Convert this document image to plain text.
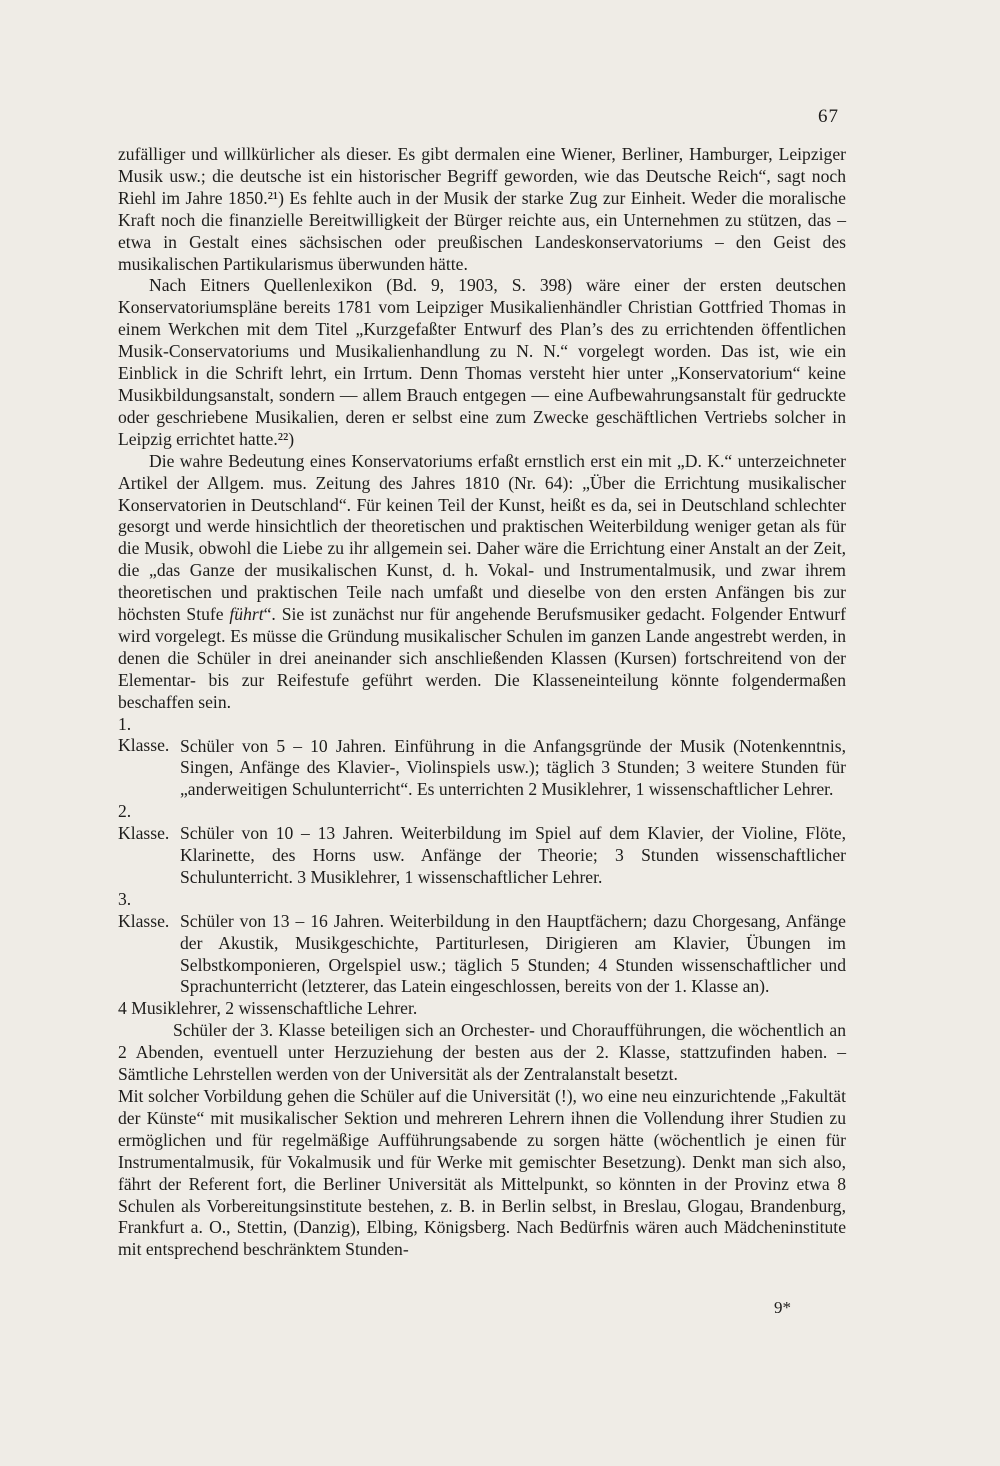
67

zufälliger und willkürlicher als dieser. Es gibt dermalen eine Wiener, Berliner, Hamburger, Leipziger Musik usw.; die deutsche ist ein historischer Begriff geworden, wie das Deutsche Reich“, sagt noch Riehl im Jahre 1850.²¹) Es fehlte auch in der Musik der starke Zug zur Einheit. Weder die moralische Kraft noch die finanzielle Bereitwilligkeit der Bürger reichte aus, ein Unternehmen zu stützen, das – etwa in Gestalt eines sächsischen oder preußischen Landeskonservatoriums – den Geist des musikalischen Partikularismus überwunden hätte.

Nach Eitners Quellenlexikon (Bd. 9, 1903, S. 398) wäre einer der ersten deutschen Konservatoriumspläne bereits 1781 vom Leipziger Musikalienhändler Christian Gottfried Thomas in einem Werkchen mit dem Titel „Kurzgefaßter Entwurf des Plan’s des zu errichtenden öffentlichen Musik-Conservatoriums und Musikalienhandlung zu N. N.“ vorgelegt worden. Das ist, wie ein Einblick in die Schrift lehrt, ein Irrtum. Denn Thomas versteht hier unter „Konservatorium“ keine Musikbildungsanstalt, sondern — allem Brauch entgegen — eine Aufbewahrungsanstalt für gedruckte oder geschriebene Musikalien, deren er selbst eine zum Zwecke geschäftlichen Vertriebs solcher in Leipzig errichtet hatte.²²)

Die wahre Bedeutung eines Konservatoriums erfaßt ernstlich erst ein mit „D. K.“ unterzeichneter Artikel der Allgem. mus. Zeitung des Jahres 1810 (Nr. 64): „Über die Errichtung musikalischer Konservatorien in Deutschland“. Für keinen Teil der Kunst, heißt es da, sei in Deutschland schlechter gesorgt und werde hinsichtlich der theoretischen und praktischen Weiterbildung weniger getan als für die Musik, obwohl die Liebe zu ihr allgemein sei. Daher wäre die Errichtung einer Anstalt an der Zeit, die „das Ganze der musikalischen Kunst, d. h. Vokal- und Instrumentalmusik, und zwar ihrem theoretischen und praktischen Teile nach umfaßt und dieselbe von den ersten Anfängen bis zur höchsten Stufe führt“. Sie ist zunächst nur für angehende Berufsmusiker gedacht. Folgender Entwurf wird vorgelegt. Es müsse die Gründung musikalischer Schulen im ganzen Lande angestrebt werden, in denen die Schüler in drei aneinander sich anschließenden Klassen (Kursen) fortschreitend von der Elementar- bis zur Reifestufe geführt werden. Die Klasseneinteilung könnte folgendermaßen beschaffen sein.

1. Klasse. Schüler von 5 – 10 Jahren. Einführung in die Anfangsgründe der Musik (Notenkenntnis, Singen, Anfänge des Klavier-, Violinspiels usw.); täglich 3 Stunden; 3 weitere Stunden für „anderweitigen Schulunterricht“. Es unterrichten 2 Musiklehrer, 1 wissenschaftlicher Lehrer.

2. Klasse. Schüler von 10 – 13 Jahren. Weiterbildung im Spiel auf dem Klavier, der Violine, Flöte, Klarinette, des Horns usw. Anfänge der Theorie; 3 Stunden wissenschaftlicher Schulunterricht. 3 Musiklehrer, 1 wissenschaftlicher Lehrer.

3. Klasse. Schüler von 13 – 16 Jahren. Weiterbildung in den Hauptfächern; dazu Chorgesang, Anfänge der Akustik, Musikgeschichte, Partiturlesen, Dirigieren am Klavier, Übungen im Selbstkomponieren, Orgelspiel usw.; täglich 5 Stunden; 4 Stunden wissenschaftlicher und Sprachunterricht (letzterer, das Latein eingeschlossen, bereits von der 1. Klasse an).

4 Musiklehrer, 2 wissenschaftliche Lehrer.

Schüler der 3. Klasse beteiligen sich an Orchester- und Choraufführungen, die wöchentlich an 2 Abenden, eventuell unter Herzuziehung der besten aus der 2. Klasse, stattzufinden haben. – Sämtliche Lehrstellen werden von der Universität als der Zentralanstalt besetzt.

Mit solcher Vorbildung gehen die Schüler auf die Universität (!), wo eine neu einzurichtende „Fakultät der Künste“ mit musikalischer Sektion und mehreren Lehrern ihnen die Vollendung ihrer Studien zu ermöglichen und für regelmäßige Aufführungsabende zu sorgen hätte (wöchentlich je einen für Instrumentalmusik, für Vokalmusik und für Werke mit gemischter Besetzung). Denkt man sich also, fährt der Referent fort, die Berliner Universität als Mittelpunkt, so könnten in der Provinz etwa 8 Schulen als Vorbereitungsinstitute bestehen, z. B. in Berlin selbst, in Breslau, Glogau, Brandenburg, Frankfurt a. O., Stettin, (Danzig), Elbing, Königsberg. Nach Bedürfnis wären auch Mädcheninstitute mit entsprechend beschränktem Stunden-

9*
